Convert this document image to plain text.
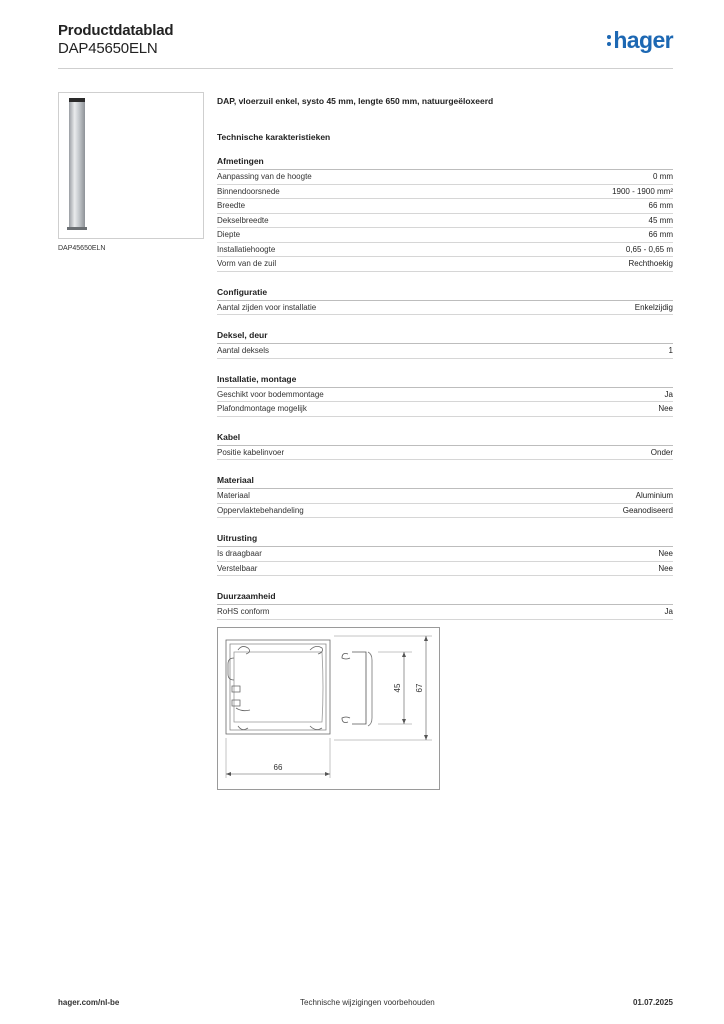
Productdatablad
DAP45650ELN	hager
DAP45650ELN
DAP, vloerzuil enkel, systo 45 mm, lengte 650 mm, natuurgeëloxeerd
Technische karakteristieken
Afmetingen
Aanpassing van de hoogte	0 mm
Binnendoorsnede	1900 - 1900 mm²
Breedte	66 mm
Dekselbreedte	45 mm
Diepte	66 mm
Installatiehoogte	0,65 - 0,65 m
Vorm van de zuil	Rechthoekig
Configuratie
Aantal zijden voor installatie	Enkelzijdig
Deksel, deur
Aantal deksels	1
Installatie, montage
Geschikt voor bodemmontage	Ja
Plafondmontage mogelijk	Nee
Kabel
Positie kabelinvoer	Onder
Materiaal
Materiaal	Aluminium
Oppervlaktebehandeling	Geanodiseerd
Uitrusting
Is draagbaar	Nee
Verstelbaar	Nee
Duurzaamheid
RoHS conform	Ja
66
45 67
hager.com/nl-be	Technische wijzigingen voorbehouden	01.07.2025
